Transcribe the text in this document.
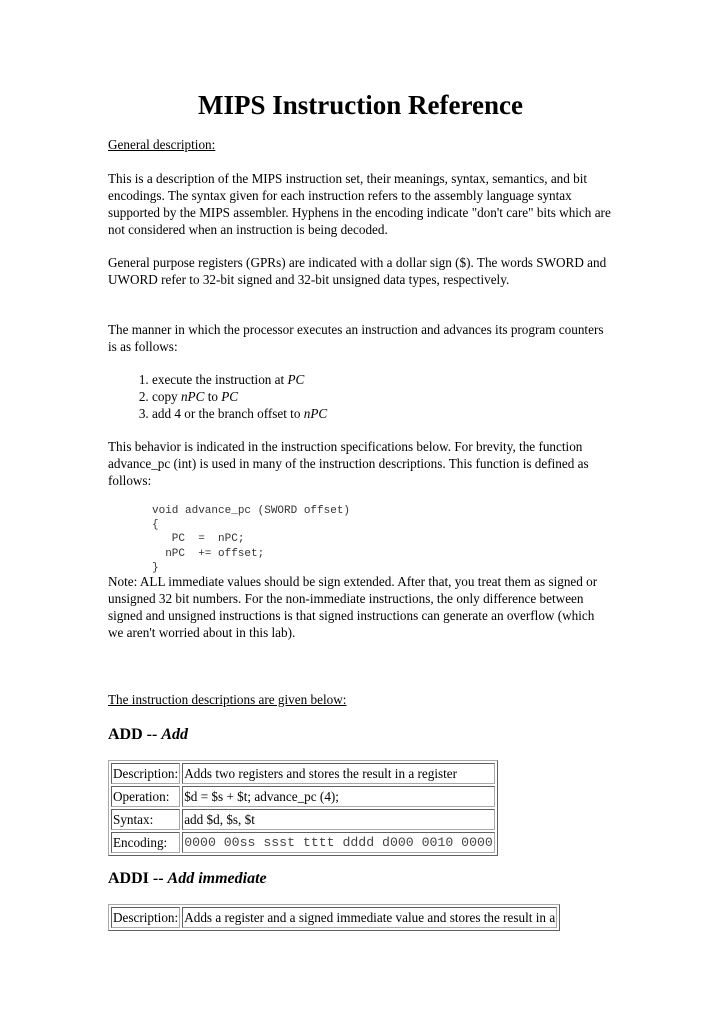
MIPS Instruction Reference

General description:

This is a description of the MIPS instruction set, their meanings, syntax, semantics, and bit encodings. The syntax given for each instruction refers to the assembly language syntax supported by the MIPS assembler. Hyphens in the encoding indicate "don't care" bits which are not considered when an instruction is being decoded.

General purpose registers (GPRs) are indicated with a dollar sign ($). The words SWORD and UWORD refer to 32-bit signed and 32-bit unsigned data types, respectively.

The manner in which the processor executes an instruction and advances its program counters is as follows:

1. execute the instruction at PC
2. copy nPC to PC
3. add 4 or the branch offset to nPC

This behavior is indicated in the instruction specifications below. For brevity, the function advance_pc (int) is used in many of the instruction descriptions. This function is defined as follows:

void advance_pc (SWORD offset)
{
PC  =  nPC;
nPC  += offset;
}

Note: ALL immediate values should be sign extended. After that, you treat them as signed or unsigned 32 bit numbers. For the non-immediate instructions, the only difference between signed and unsigned instructions is that signed instructions can generate an overflow (which we aren't worried about in this lab).

The instruction descriptions are given below:

ADD -- Add
Description:	Adds two registers and stores the result in a register
Operation:	$d = $s + $t; advance_pc (4);
Syntax:	add $d, $s, $t
Encoding:	0000 00ss ssst tttt dddd d000 0010 0000
ADDI -- Add immediate
Description:	Adds a register and a signed immediate value and stores the result in a
